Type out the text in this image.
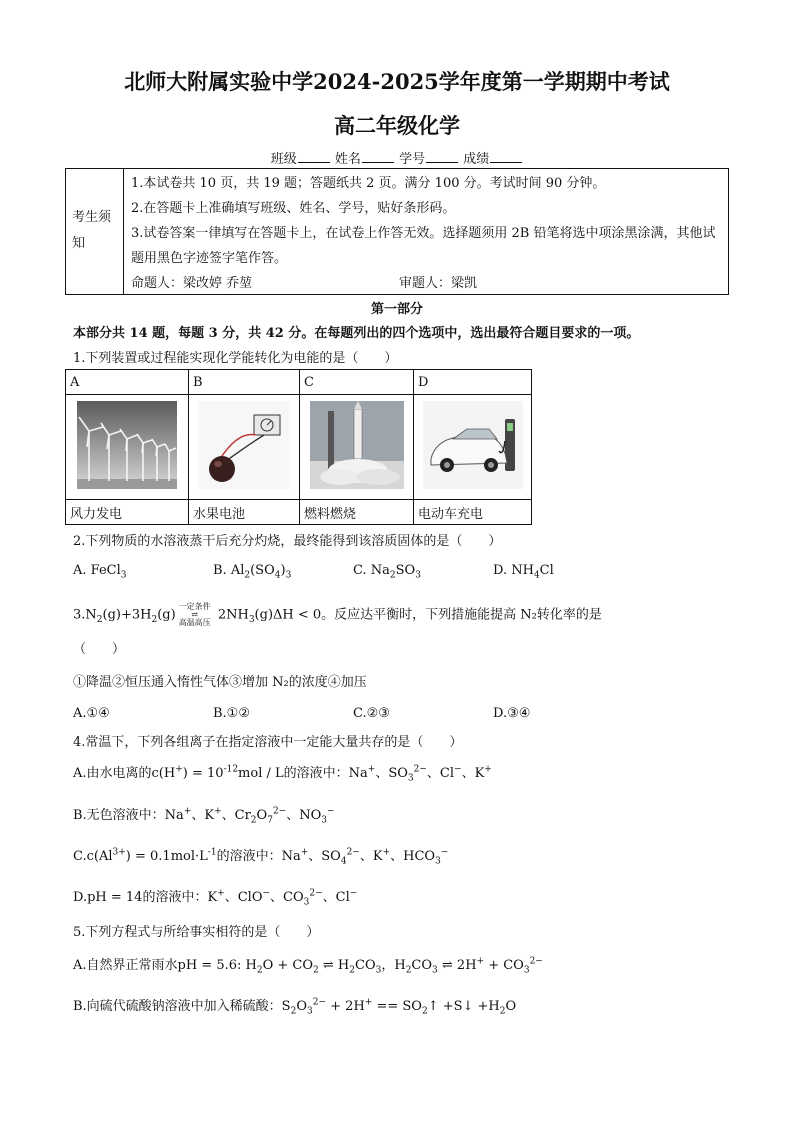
北师大附属实验中学2024-2025学年度第一学期期中考试
高二年级化学
班级	姓名	学号	成绩
考生须知

1.本试卷共 10 页，共 19 题；答题纸共 2 页。满分 100 分。考试时间 90 分钟。

2.在答题卡上准确填写班级、姓名、学号，贴好条形码。

3.试卷答案一律填写在答题卡上，在试卷上作答无效。选择题须用 2B 铅笔将选中项涂黑涂满，其他试题用黑色字迹签字笔作答。

命题人：梁改婷 乔堃	审题人：梁凯

第一部分
本部分共 14 题，每题 3 分，共 42 分。在每题列出的四个选项中，选出最符合题目要求的一项。
1.下列装置或过程能实现化学能转化为电能的是（　　）
A	B	C	D

风力发电	水果电池	燃料燃烧	电动车充电
2.下列物质的水溶液蒸干后充分灼烧，最终能得到该溶质固体的是（　　）
A. FeCl$_3$	B. $Al_2(SO_4)_3$	C. $Na_2SO_3$	D. $NH_4Cl$
$3.N_2(g)+3H_2(g)$一定条件
⇌
高温高压 $2NH_3(g)\Delta H < 0$。反应达平衡时，下列措施能提高 N₂转化率的是
（　　）
①降温②恒压通入惰性气体③增加 N₂的浓度④加压
A.①④	B.①②	C.②③	D.③④
4.常温下，下列各组离子在指定溶液中一定能大量共存的是（　　）
A.由水电离的$c(H^+) = 10^{-12}mol / L$的溶液中：Na+、$SO_3^{2-}$、Cl−、K+
B.无色溶液中：Na+、K+、$Cr_2O_7^{2-}$、$NO_3^-$
$C.c(Al^{3+}) = 0.1mol\cdot L^{-1}$的溶液中：Na+、$SO_4^{2-}$、K+、$HCO_3^-$
D.pH = 14的溶液中：K+、ClO−、$CO_3^{2-}$、Cl−
5.下列方程式与所给事实相符的是（　　）
A.自然界正常雨水pH = 5.6: $H_2O + CO_2$ ⇌ $H_2CO_3$，$H_2CO_3$ ⇌ $2H^+ + CO_3^{2-}$
B.向硫代硫酸钠溶液中加入稀硫酸：$S_2O_3^{2-} + 2H^+$ == $SO_2↑$ +S↓ $+H_2O$
